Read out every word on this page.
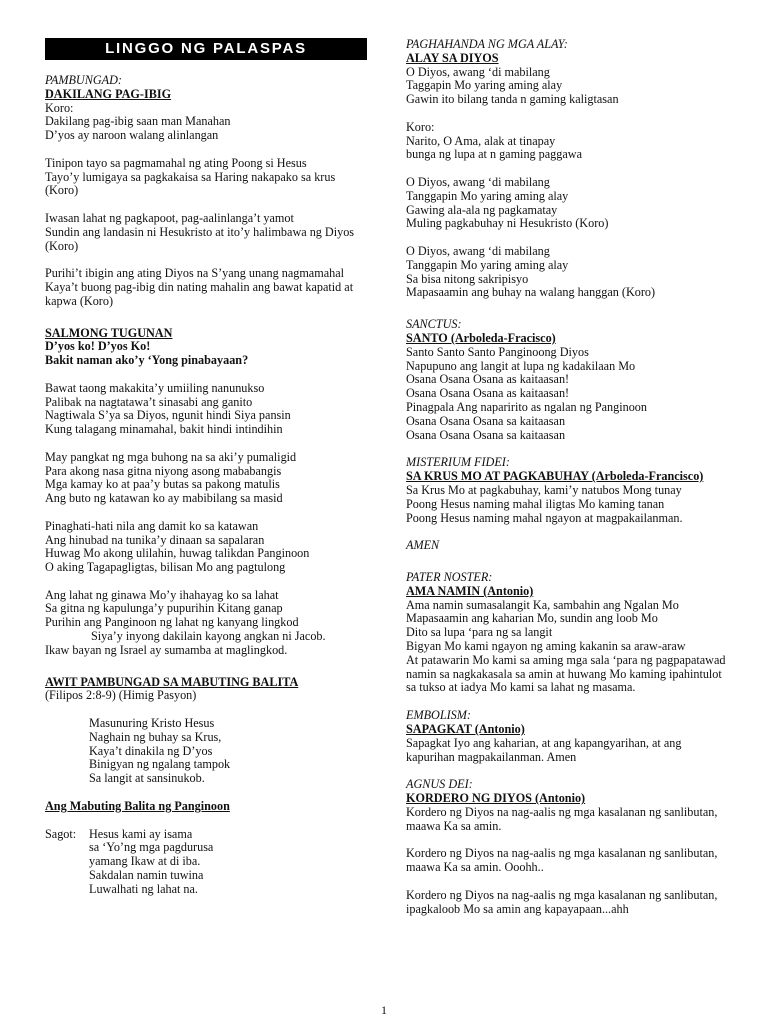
LINGGO NG PALASPAS

PAMBUNGAD:

DAKILANG PAG-IBIG

Koro:

Dakilang pag-ibig saan man Manahan

D’yos ay naroon walang alinlangan

Tinipon tayo sa pagmamahal ng ating Poong si Hesus

Tayo’y lumigaya sa pagkakaisa sa Haring nakapako sa krus (Koro)

Iwasan lahat ng pagkapoot, pag-aalinlanga’t yamot

Sundin ang landasin ni Hesukristo at ito’y halimbawa ng Diyos (Koro)

Purihi’t ibigin ang ating Diyos na S’yang unang nagmamahal

Kaya’t buong pag-ibig din nating mahalin ang bawat kapatid at kapwa (Koro)

SALMONG TUGUNAN

D’yos ko! D’yos Ko!

Bakit naman ako’y ‘Yong pinabayaan?

Bawat taong makakita’y umiiling nanunukso

Palibak na nagtatawa’t sinasabi ang ganito

Nagtiwala S’ya sa Diyos, ngunit hindi Siya pansin

Kung talagang minamahal, bakit hindi intindihin

May pangkat ng mga buhong na sa aki’y pumaligid

Para akong nasa gitna niyong asong mababangis

Mga kamay ko at paa’y butas sa pakong matulis

Ang buto ng katawan ko ay mabibilang sa masid

Pinaghati-hati nila ang damit ko sa katawan

Ang hinubad na tunika’y dinaan sa sapalaran

Huwag Mo akong ulilahin, huwag talikdan Panginoon

O aking Tagapagligtas, bilisan Mo ang pagtulong

Ang lahat ng ginawa Mo’y ihahayag ko sa lahat

Sa gitna ng kapulunga’y pupurihin Kitang ganap

Purihin ang Panginoon ng lahat ng kanyang lingkod

Siya’y inyong dakilain kayong angkan ni Jacob.

Ikaw bayan ng Israel ay sumamba at maglingkod.

AWIT PAMBUNGAD SA MABUTING BALITA

(Filipos 2:8-9) (Himig Pasyon)

Masunuring Kristo Hesus

Naghain ng buhay sa Krus,

Kaya’t dinakila ng D’yos

Binigyan ng ngalang tampok

Sa langit at sansinukob.

Ang Mabuting Balita ng Panginoon

Sagot:	Hesus kami ay isama

sa ‘Yo’ng mga pagdurusa

yamang Ikaw at di iba.

Sakdalan namin tuwina

Luwalhati ng lahat na.

PAGHAHANDA NG MGA ALAY:

ALAY SA DIYOS

O Diyos, awang ‘di mabilang

Taggapin Mo yaring aming alay

Gawin ito bilang tanda n gaming kaligtasan

Koro:

Narito, O Ama, alak at tinapay

bunga ng lupa at n gaming paggawa

O Diyos, awang ‘di mabilang

Tanggapin Mo yaring aming alay

Gawing ala-ala ng pagkamatay

Muling pagkabuhay ni Hesukristo (Koro)

O Diyos, awang ‘di mabilang

Tanggapin Mo yaring aming alay

Sa bisa nitong sakripisyo

Mapasaamin ang buhay na walang hanggan (Koro)

SANCTUS:

SANTO (Arboleda-Fracisco)

Santo Santo Santo Panginoong Diyos

Napupuno ang langit at lupa ng kadakilaan Mo

Osana Osana Osana as kaitaasan!

Osana Osana Osana as kaitaasan!

Pinagpala Ang naparirito as ngalan ng Panginoon

Osana Osana Osana sa kaitaasan

Osana Osana Osana sa kaitaasan

MISTERIUM FIDEI:

SA KRUS MO AT PAGKABUHAY (Arboleda-Francisco)

Sa Krus Mo at pagkabuhay, kami’y natubos Mong tunay

Poong Hesus naming mahal iligtas Mo kaming tanan

Poong Hesus naming mahal ngayon at magpakailanman.

AMEN

PATER NOSTER:

AMA NAMIN (Antonio)

Ama namin sumasalangit Ka, sambahin ang Ngalan Mo

Mapasaamin ang kaharian Mo, sundin ang loob Mo

Dito sa lupa ‘para ng sa langit

Bigyan Mo kami ngayon ng aming kakanin sa araw-araw

At patawarin Mo kami sa aming mga sala ‘para ng pagpapatawad namin sa nagkakasala sa amin at huwang Mo kaming ipahintulot sa tukso at iadya Mo kami sa lahat ng masama.

EMBOLISM:

SAPAGKAT (Antonio)

Sapagkat Iyo ang kaharian, at ang kapangyarihan, at ang kapurihan magpakailanman. Amen

AGNUS DEI:

KORDERO NG DIYOS (Antonio)

Kordero ng Diyos na nag-aalis ng mga kasalanan ng sanlibutan, maawa Ka sa amin.

Kordero ng Diyos na nag-aalis ng mga kasalanan ng sanlibutan, maawa Ka sa amin. Ooohh..

Kordero ng Diyos na nag-aalis ng mga kasalanan ng sanlibutan, ipagkaloob Mo sa amin ang kapayapaan...ahh

1
